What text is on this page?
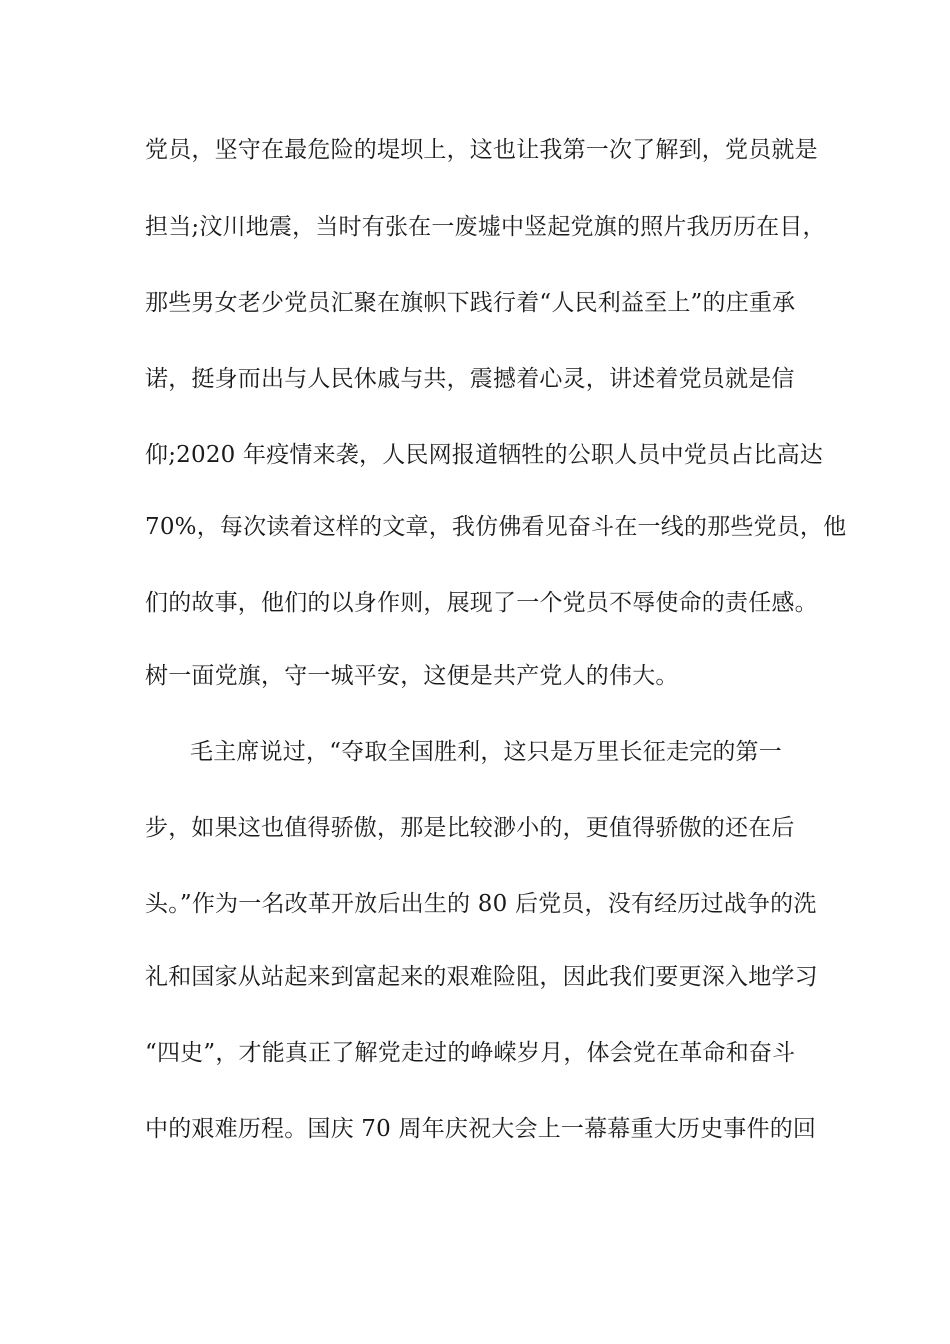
党员，坚守在最危险的堤坝上，这也让我第一次了解到，党员就是
担当;汶川地震，当时有张在一废墟中竖起党旗的照片我历历在目，
那些男女老少党员汇聚在旗帜下践行着“人民利益至上”的庄重承
诺，挺身而出与人民休戚与共，震撼着心灵，讲述着党员就是信
仰;2020 年疫情来袭，人民网报道牺牲的公职人员中党员占比高达
70%，每次读着这样的文章，我仿佛看见奋斗在一线的那些党员，他
们的故事，他们的以身作则，展现了一个党员不辱使命的责任感。
树一面党旗，守一城平安，这便是共产党人的伟大。
毛主席说过，“夺取全国胜利，这只是万里长征走完的第一
步，如果这也值得骄傲，那是比较渺小的，更值得骄傲的还在后
头。”作为一名改革开放后出生的 80 后党员，没有经历过战争的洗
礼和国家从站起来到富起来的艰难险阻，因此我们要更深入地学习
“四史”，才能真正了解党走过的峥嵘岁月，体会党在革命和奋斗
中的艰难历程。国庆 70 周年庆祝大会上一幕幕重大历史事件的回
